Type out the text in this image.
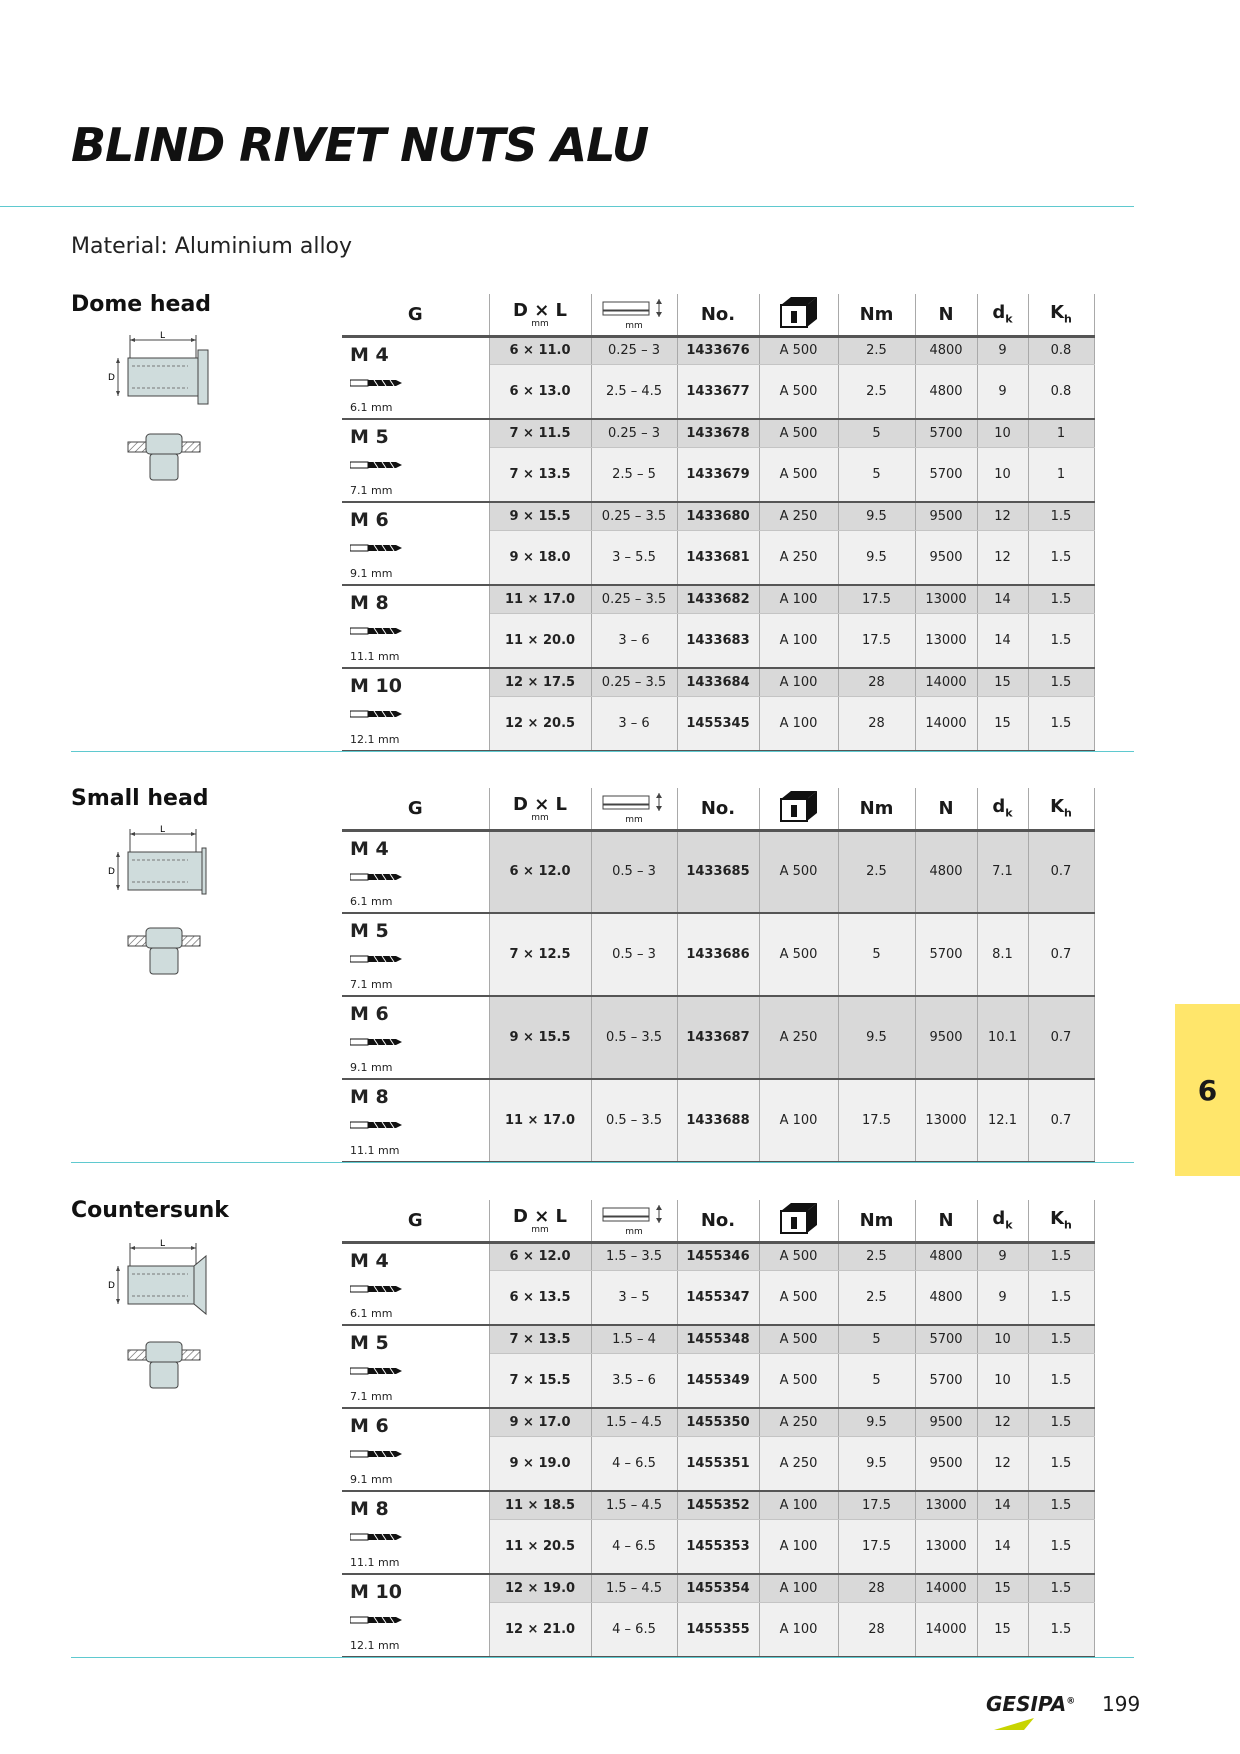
BLIND RIVET NUTS ALU
Material: Aluminium alloy
Dome head
L
D
G	D × L
mm	mm	No.		Nm	N	$d_k$	$K_h$

M 4
6.1 mm	6 × 11.0	0.25 – 3	1433676	A 500	2.5	4800	9	0.8
	6 × 13.0	2.5 – 4.5	1433677	A 500	2.5	4800	9	0.8

M 5
7.1 mm	7 × 11.5	0.25 – 3	1433678	A 500	5	5700	10	1
	7 × 13.5	2.5 – 5	1433679	A 500	5	5700	10	1

M 6
9.1 mm	9 × 15.5	0.25 – 3.5	1433680	A 250	9.5	9500	12	1.5
	9 × 18.0	3 – 5.5	1433681	A 250	9.5	9500	12	1.5

M 8
11.1 mm	11 × 17.0	0.25 – 3.5	1433682	A 100	17.5	13000	14	1.5
	11 × 20.0	3 – 6	1433683	A 100	17.5	13000	14	1.5

M 10
12.1 mm	12 × 17.5	0.25 – 3.5	1433684	A 100	28	14000	15	1.5
	12 × 20.5	3 – 6	1455345	A 100	28	14000	15	1.5
Small head
L
D
G	D × L
mm	mm	No.		Nm	N	$d_k$	$K_h$

M 4
6.1 mm	6 × 12.0	0.5 – 3	1433685	A 500	2.5	4800	7.1	0.7

M 5
7.1 mm	7 × 12.5	0.5 – 3	1433686	A 500	5	5700	8.1	0.7

M 6
9.1 mm	9 × 15.5	0.5 – 3.5	1433687	A 250	9.5	9500	10.1	0.7

M 8
11.1 mm	11 × 17.0	0.5 – 3.5	1433688	A 100	17.5	13000	12.1	0.7
Countersunk
L
D
G	D × L
mm	mm	No.		Nm	N	$d_k$	$K_h$

M 4
6.1 mm	6 × 12.0	1.5 – 3.5	1455346	A 500	2.5	4800	9	1.5
	6 × 13.5	3 – 5	1455347	A 500	2.5	4800	9	1.5

M 5
7.1 mm	7 × 13.5	1.5 – 4	1455348	A 500	5	5700	10	1.5
	7 × 15.5	3.5 – 6	1455349	A 500	5	5700	10	1.5

M 6
9.1 mm	9 × 17.0	1.5 – 4.5	1455350	A 250	9.5	9500	12	1.5
	9 × 19.0	4 – 6.5	1455351	A 250	9.5	9500	12	1.5

M 8
11.1 mm	11 × 18.5	1.5 – 4.5	1455352	A 100	17.5	13000	14	1.5
	11 × 20.5	4 – 6.5	1455353	A 100	17.5	13000	14	1.5

M 10
12.1 mm	12 × 19.0	1.5 – 4.5	1455354	A 100	28	14000	15	1.5
	12 × 21.0	4 – 6.5	1455355	A 100	28	14000	15	1.5
6
GESIPA® 199
